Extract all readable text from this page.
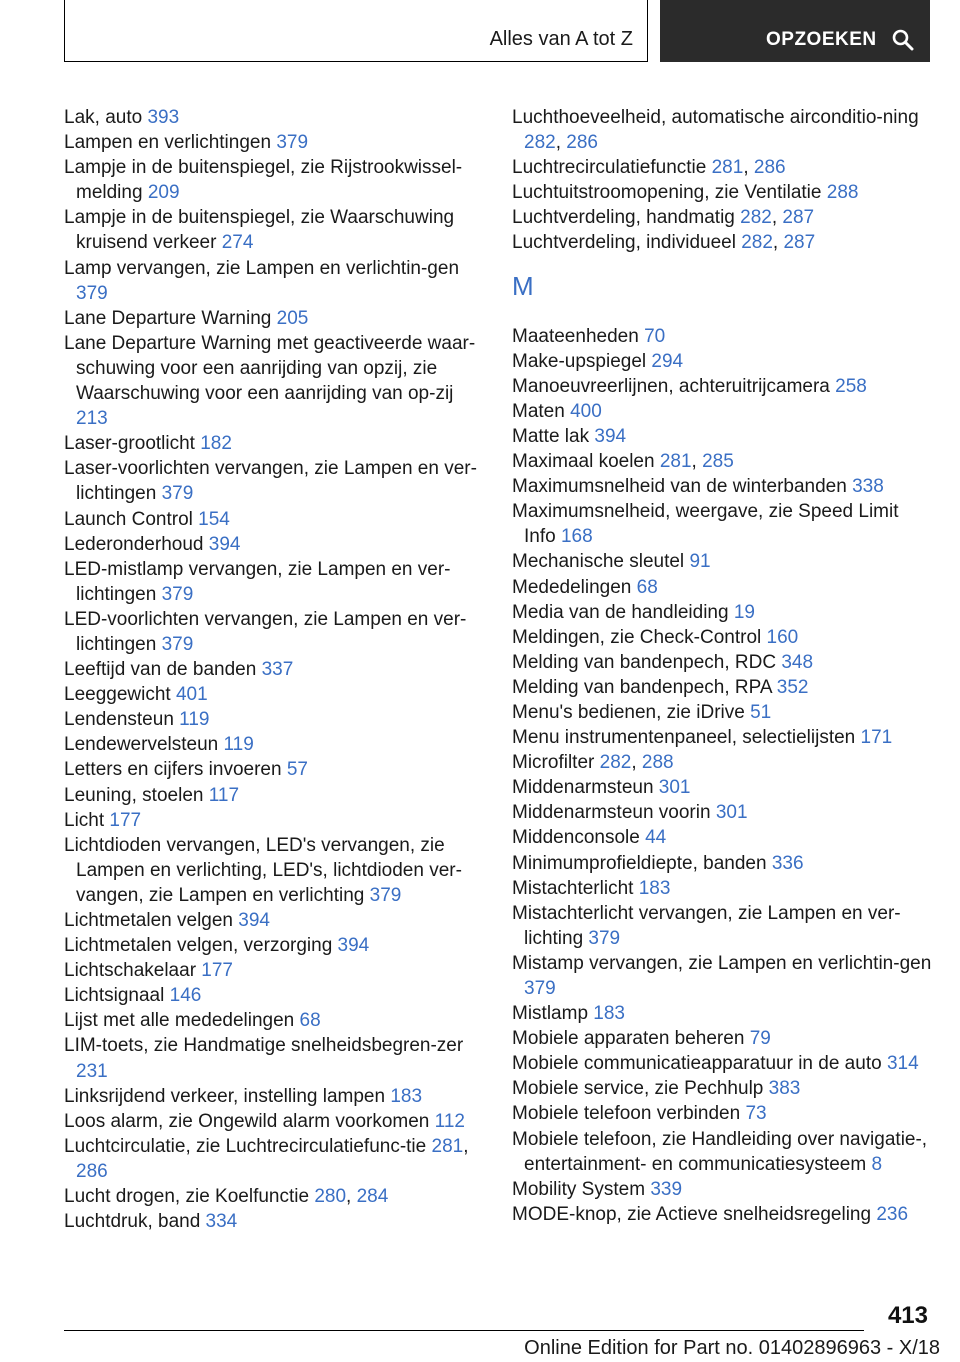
Alles van A tot Z	OPZOEKEN
Lak, auto 393
Lampen en verlichtingen 379
Lampje in de buitenspiegel, zie Rijstrookwissel-melding 209
Lampje in de buitenspiegel, zie Waarschuwing kruisend verkeer 274
Lamp vervangen, zie Lampen en verlichtin-gen 379
Lane Departure Warning 205
Lane Departure Warning met geactiveerde waar-schuwing voor een aanrijding van opzij, zie Waarschuwing voor een aanrijding van op-zij 213
Laser-grootlicht 182
Laser-voorlichten vervangen, zie Lampen en ver-lichtingen 379
Launch Control 154
Lederonderhoud 394
LED-mistlamp vervangen, zie Lampen en ver-lichtingen 379
LED-voorlichten vervangen, zie Lampen en ver-lichtingen 379
Leeftijd van de banden 337
Leeggewicht 401
Lendensteun 119
Lendewervelsteun 119
Letters en cijfers invoeren 57
Leuning, stoelen 117
Licht 177
Lichtdioden vervangen, LED's vervangen, zie Lampen en verlichting, LED's, lichtdioden ver-vangen, zie Lampen en verlichting 379
Lichtmetalen velgen 394
Lichtmetalen velgen, verzorging 394
Lichtschakelaar 177
Lichtsignaal 146
Lijst met alle mededelingen 68
LIM-toets, zie Handmatige snelheidsbegren-zer 231
Linksrijdend verkeer, instelling lampen 183
Loos alarm, zie Ongewild alarm voorkomen 112
Luchtcirculatie, zie Luchtrecirculatiefunc-tie 281, 286
Lucht drogen, zie Koelfunctie 280, 284
Luchtdruk, band 334
Luchthoeveelheid, automatische airconditio-ning 282, 286
Luchtrecirculatiefunctie 281, 286
Luchtuitstroomopening, zie Ventilatie 288
Luchtverdeling, handmatig 282, 287
Luchtverdeling, individueel 282, 287
M
Maateenheden 70
Make-upspiegel 294
Manoeuvreerlijnen, achteruitrijcamera 258
Maten 400
Matte lak 394
Maximaal koelen 281, 285
Maximumsnelheid van de winterbanden 338
Maximumsnelheid, weergave, zie Speed Limit Info 168
Mechanische sleutel 91
Mededelingen 68
Media van de handleiding 19
Meldingen, zie Check-Control 160
Melding van bandenpech, RDC 348
Melding van bandenpech, RPA 352
Menu's bedienen, zie iDrive 51
Menu instrumentenpaneel, selectielijsten 171
Microfilter 282, 288
Middenarmsteun 301
Middenarmsteun voorin 301
Middenconsole 44
Minimumprofieldiepte, banden 336
Mistachterlicht 183
Mistachterlicht vervangen, zie Lampen en ver-lichting 379
Mistamp vervangen, zie Lampen en verlichtin-gen 379
Mistlamp 183
Mobiele apparaten beheren 79
Mobiele communicatieapparatuur in de auto 314
Mobiele service, zie Pechhulp 383
Mobiele telefoon verbinden 73
Mobiele telefoon, zie Handleiding over navigatie-, entertainment- en communicatiesysteem 8
Mobility System 339
MODE-knop, zie Actieve snelheidsregeling 236
413
Online Edition for Part no. 01402896963 - X/18
